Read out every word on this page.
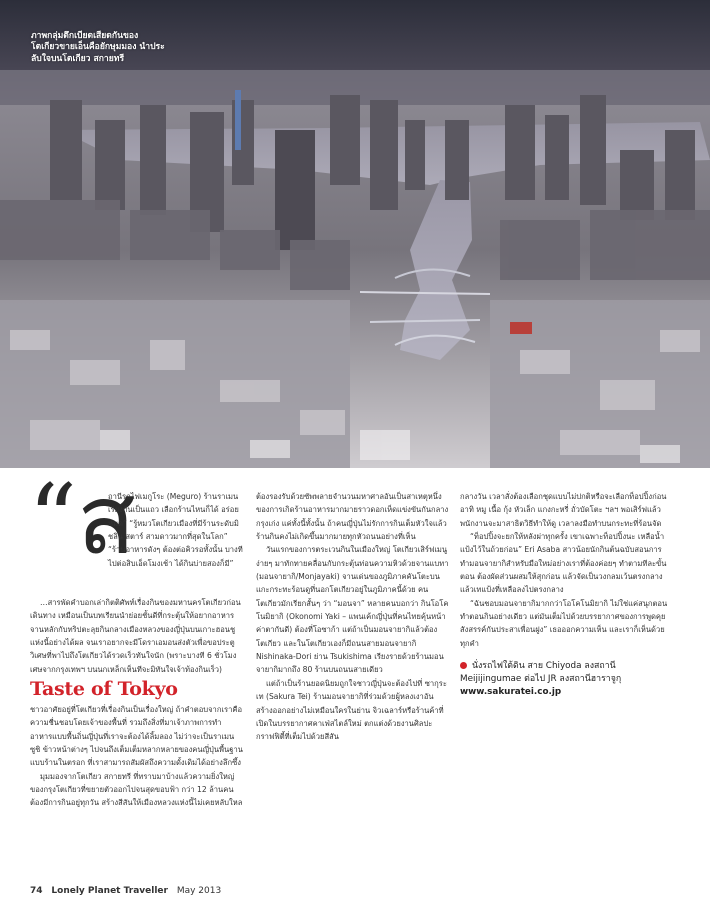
ภาพกลุ่มตึกเบียดเสียดกันของโตเกียวขายเอ็นคือยักษุมมอง นำประลับใจบนโตเกียว สกายทรี
“ส
ถานีรถไฟเมกูโระ (Meguro) ร้านราเมนเรียงกันเป็นแถว เลือกร้านไหนก็ได้ อร่อยหมด” “รู้หมวโตเกียวเมืองที่มีร้านระดับมิชลิน สตาร์ สามดาวมากที่สุดในโลก” “ร้านอาหารดังๆ ต้องต่อคิวรอทั้งนั้น บางทีไปต่อสิบเอ็ดโมงเช้า ได้กินบ่ายสองก็มี”

…สารพัดคำบอกเล่ากิตติศัพท์เรื่องกินของมหานครโตเกียวก่อนเดินทาง เหมือนเป็นบทเรียนนำย่อยชั้นดีที่กระตุ้นให้อยากอาหารจานหลักกับทริปตะลุยกินกลางเมืองหลวงของญี่ปุ่นบนเกาะฮอนชูแห่งนี้อย่างได้ผล จนเราอยากจะมีโดราเอมอนส่งตัวเพื่อขอประตูวิเศษที่พาไปถึงโตเกียวได้รวดเร็วทันใจนัก (พราะบางที 6 ชั่วโมงเศษจากกรุงเทพฯ บนนกเหล็กเห็นทีจะมิทันใจเจ้าท้องกินเร็ว)

Taste of Tokyo

ชาวอาศัยอยู่ที่โตเกียวที่เรื่องกินเป็นเรื่องใหญ่ ถ้าคำตอบจากเราคือความชื่นชอบโดยเจ้าของพื้นที่ รวมถึงสิ่งที่มาเจ้าภาพการทำอาหารแบบพื้นถิ่นญี่ปุ่นที่เราจะต้องได้ลิ้มลอง ไม่ว่าจะเป็นราเมน ซูชิ ข้าวหน้าต่างๆ ไปจนถึงเต็มเต็มหลากหลายของคนญี่ปุ่นพื้นฐานแบบร้านในตรอก ที่เราสามารถสัมผัสถึงความดั้งเดิมได้อย่างลึกซึ้ง

มุมมองจากโตเกียว สกายทรี ที่ทราบมาบ้างแล้วความยิ่งใหญ่ของกรุงโตเกียวที่ขยายตัวออกไปจนสุดขอบฟ้า กว่า 12 ล้านคนต้องมีการกินอยู่ทุกวัน สร้างสีสันให้เมืองหลวงแห่งนี้ไม่เคยหลับใหล

ต้องรองรับด้วยซัพพลายจำนวนมหาศาลอันเป็นสาเหตุหนึ่งของการเกิดร้านอาหารมากมายราวดอกเห็ดแข่งขันกันกลางกรุงเก่ง แค่ทั้งนี้ทั้งนั้น ถ้าคนญี่ปุ่นไม่รักการกินเต็มหัวใจแล้ว ร้านกินคงไม่เกิดขึ้นมากมายทุกหัวถนนอย่างที่เห็น

วันแรกของการตระเวนกินในเมืองใหญ่ โตเกียวเสิร์ฟเมนูง่ายๆ มาทักทายคลื่อนกับกระตุ้นท่อนความหิวด้วยจานแบทา (มอนจายากิ/Monjayaki) จานเด่นของภูมิภาคคันโตะบนแกะกระทะร้อนดูที่นอกโตเกียวอยู่ในภูมิภาคนี้ด้วย คนโตเกียวมักเรียกสั้นๆ ว่า “มอนจา” หลายคนบอกว่า กินโอโคโนมิยากิ (Okonomi Yaki – แพนเค้กญี่ปุ่นที่คนไทยคุ้นหน้าค่าตากันดี) ต้องที่โอซาก้า แต่ถ้าเป็นมอนจายากิแล้วต้องโตเกียว และในโตเกียวเองก็มีถนนสายมอนจายากิ Nishinaka-Dori ย่าน Tsukishima เรียงรายด้วยร้านมอนจายากิมากถึง 80 ร้านบนถนนสายเดียว

แต่ถ้าเป็นร้านยอดนิยมถูกใจชาวญี่ปุ่นจะต้องไปที่ ซากุระ เท (Sakura Tei) ร้านมอนจายากิที่ร่วมด้วยผู้หลงเงาอันสร้างออกอย่างไม่เหมือนใครในย่าน จิวเฉลาร์หรือร้านค้าที่เปิดในบรรยากาศคาเฟ่สไตล์ใหม่ ตกแต่งด้วยงานศิลปะกราฟฟิตี้ที่เต็มไปด้วยสีสัน

กลางวัน เวลาสั่งต้องเลือกชุดแบบไม่ปกติหรือจะเลือกท็อปปิ้งก่อนอาทิ หมู เนื้อ กุ้ง หัวเล็ก แกงกะหรี่ ถั่วบัดโตะ ฯลฯ พอเสิร์ฟแล้วพนักงานจะมาสาธิตวิธีทำให้ดู เวลาลงมือทำบนกระทะที่ร้อนจัด

“ท็อปปิ้งจะยกให้หลังผ่าทุกครั้ง เขาเฉพาะท็อปปิ้งนะ เหลือน้ำแป้งไว้ในถ้วยก่อน” Eri Asaba สาวน้อยนักกินต้นฉบับสอนการทำมอนจายากิสำหรับมือใหม่อย่างเราที่ต้องค่อยๆ ทำตามทีละขั้นตอน ต้องผัดส่วนผสมให้สุกก่อน แล้วจัดเป็นวงกลมเว้นตรงกลาง แล้วเทแป้งที่เหลือลงไปตรงกลาง

“ฉันชอบมอนจายากิมากกว่าโอโคโนมิยากิ ไม่ใช่แค่สนุกตอนทำตอนกินอย่างเดียว แต่มันเต็มไปด้วยบรรยากาศของการพูดคุย สังสรรค์กันประสาเพื่อนฝูง” เธอออกความเห็น และเราก็เห็นด้วยทุกคำ

นั่งรถไฟใต้ดิน สาย Chiyoda ลงสถานี
Meijijingumae ต่อไป JR ลงสถานีฮาราจูกุ
www.sakuratei.co.jp
74 Lonely Planet Traveller May 2013
